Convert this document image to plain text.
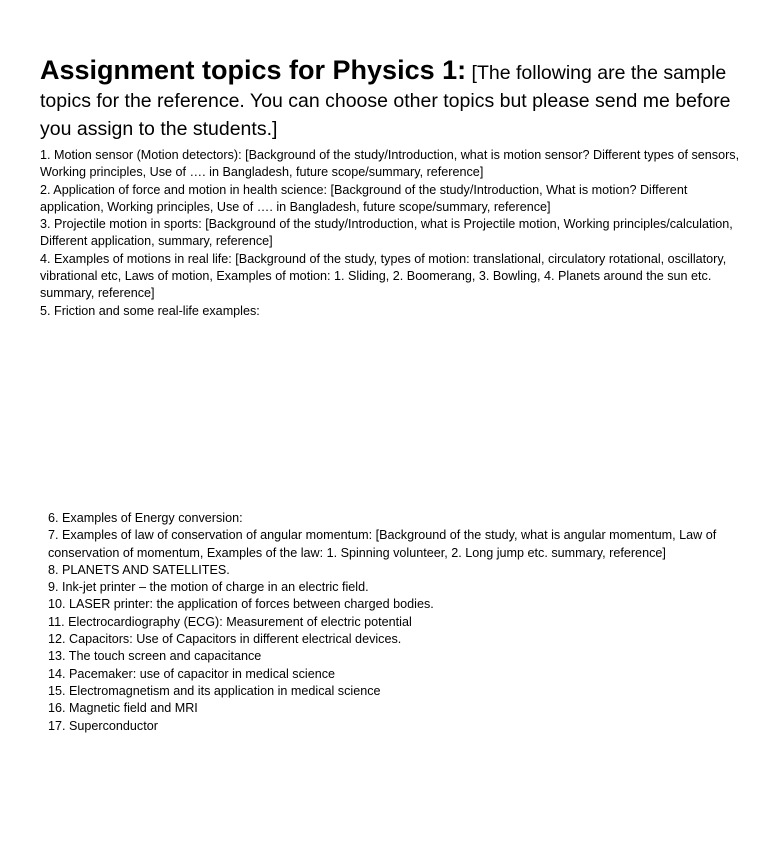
Assignment topics for Physics 1: [The following are the sample topics for the reference. You can choose other topics but please send me before you assign to the students.]
1. Motion sensor (Motion detectors): [Background of the study/Introduction, what is motion sensor? Different types of sensors, Working principles, Use of …. in Bangladesh, future scope/summary, reference]
2. Application of force and motion in health science: [Background of the study/Introduction, What is motion? Different application, Working principles, Use of …. in Bangladesh, future scope/summary, reference]
3. Projectile motion in sports: [Background of the study/Introduction, what is Projectile motion, Working principles/calculation, Different application, summary, reference]
4. Examples of motions in real life: [Background of the study, types of motion: translational, circulatory rotational, oscillatory, vibrational etc, Laws of motion, Examples of motion: 1. Sliding, 2. Boomerang, 3. Bowling, 4. Planets around the sun etc. summary, reference]
5. Friction and some real-life examples:
6. Examples of Energy conversion:
7. Examples of law of conservation of angular momentum: [Background of the study, what is angular momentum, Law of conservation of momentum, Examples of the law: 1. Spinning volunteer, 2. Long jump etc. summary, reference]
8. PLANETS AND SATELLITES.
9. Ink-jet printer – the motion of charge in an electric field.
10. LASER printer: the application of forces between charged bodies.
11. Electrocardiography (ECG): Measurement of electric potential
12. Capacitors: Use of Capacitors in different electrical devices.
13. The touch screen and capacitance
14. Pacemaker: use of capacitor in medical science
15. Electromagnetism and its application in medical science
16. Magnetic field and MRI
17. Superconductor
